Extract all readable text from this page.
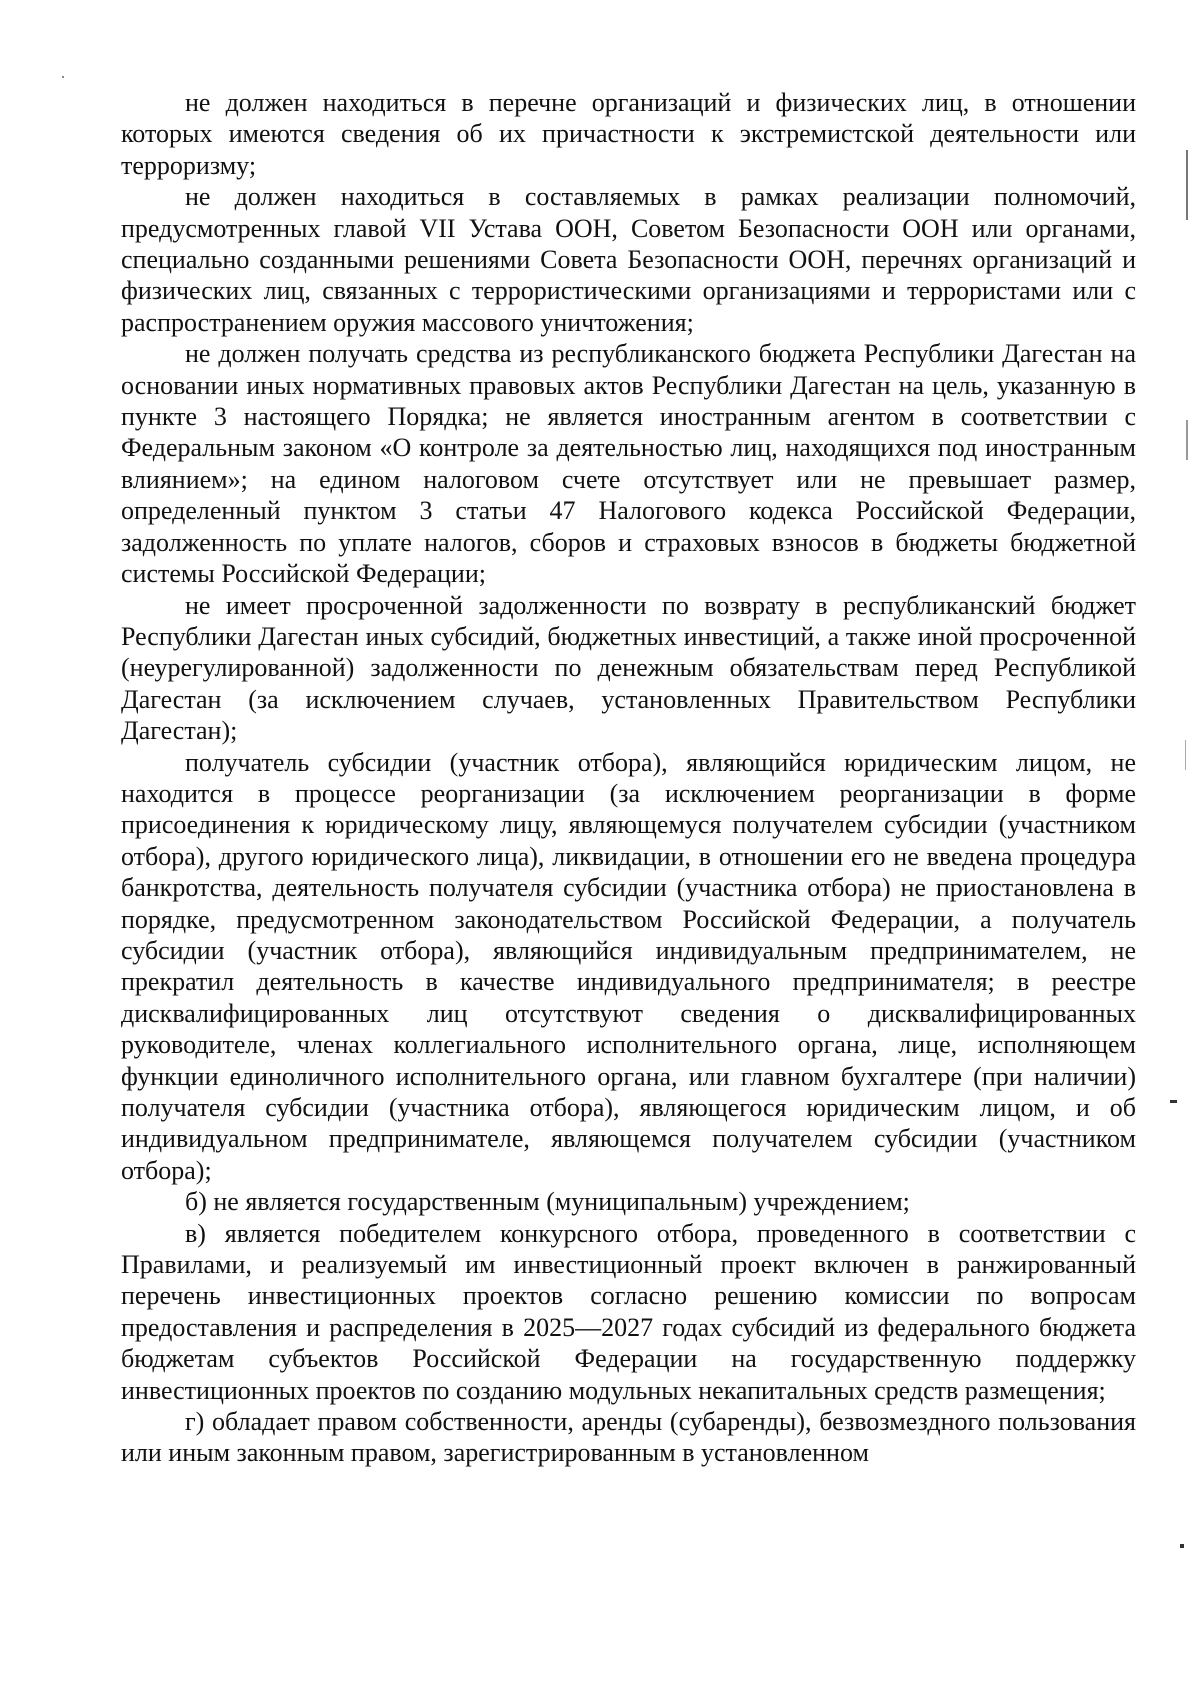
не должен находиться в перечне организаций и физических лиц, в отношении которых имеются сведения об их причастности к экстремистской деятельности или терроризму;

не должен находиться в составляемых в рамках реализации полномочий, предусмотренных главой VII Устава ООН, Советом Безопасности ООН или органами, специально созданными решениями Совета Безопасности ООН, перечнях организаций и физических лиц, связанных с террористическими организациями и террористами или с распространением оружия массового уничтожения;

не должен получать средства из республиканского бюджета Республики Дагестан на основании иных нормативных правовых актов Республики Дагестан на цель, указанную в пункте 3 настоящего Порядка; не является иностранным агентом в соответствии с Федеральным законом «О контроле за деятельностью лиц, находящихся под иностранным влиянием»; на едином налоговом счете отсутствует или не превышает размер, определенный пунктом 3 статьи 47 Налогового кодекса Российской Федерации, задолженность по уплате налогов, сборов и страховых взносов в бюджеты бюджетной системы Российской Федерации;

не имеет просроченной задолженности по возврату в республиканский бюджет Республики Дагестан иных субсидий, бюджетных инвестиций, а также иной просроченной (неурегулированной) задолженности по денежным обязательствам перед Республикой Дагестан (за исключением случаев, установленных Правительством Республики Дагестан);

получатель субсидии (участник отбора), являющийся юридическим лицом, не находится в процессе реорганизации (за исключением реорганизации в форме присоединения к юридическому лицу, являющемуся получателем субсидии (участником отбора), другого юридического лица), ликвидации, в отношении его не введена процедура банкротства, деятельность получателя субсидии (участника отбора) не приостановлена в порядке, предусмотренном законодательством Российской Федерации, а получатель субсидии (участник отбора), являющийся индивидуальным предпринимателем, не прекратил деятельность в качестве индивидуального предпринимателя; в реестре дисквалифицированных лиц отсутствуют сведения о дисквалифицированных руководителе, членах коллегиального исполнительного органа, лице, исполняющем функции единоличного исполнительного органа, или главном бухгалтере (при наличии) получателя субсидии (участника отбора), являющегося юридическим лицом, и об индивидуальном предпринимателе, являющемся получателем субсидии (участником отбора);

б) не является государственным (муниципальным) учреждением;

в) является победителем конкурсного отбора, проведенного в соответствии с Правилами, и реализуемый им инвестиционный проект включен в ранжированный перечень инвестиционных проектов согласно решению комиссии по вопросам предоставления и распределения в 2025—2027 годах субсидий из федерального бюджета бюджетам субъектов Российской Федерации на государственную поддержку инвестиционных проектов по созданию модульных некапитальных средств размещения;

г) обладает правом собственности, аренды (субаренды), безвозмездного пользования или иным законным правом, зарегистрированным в установленном
